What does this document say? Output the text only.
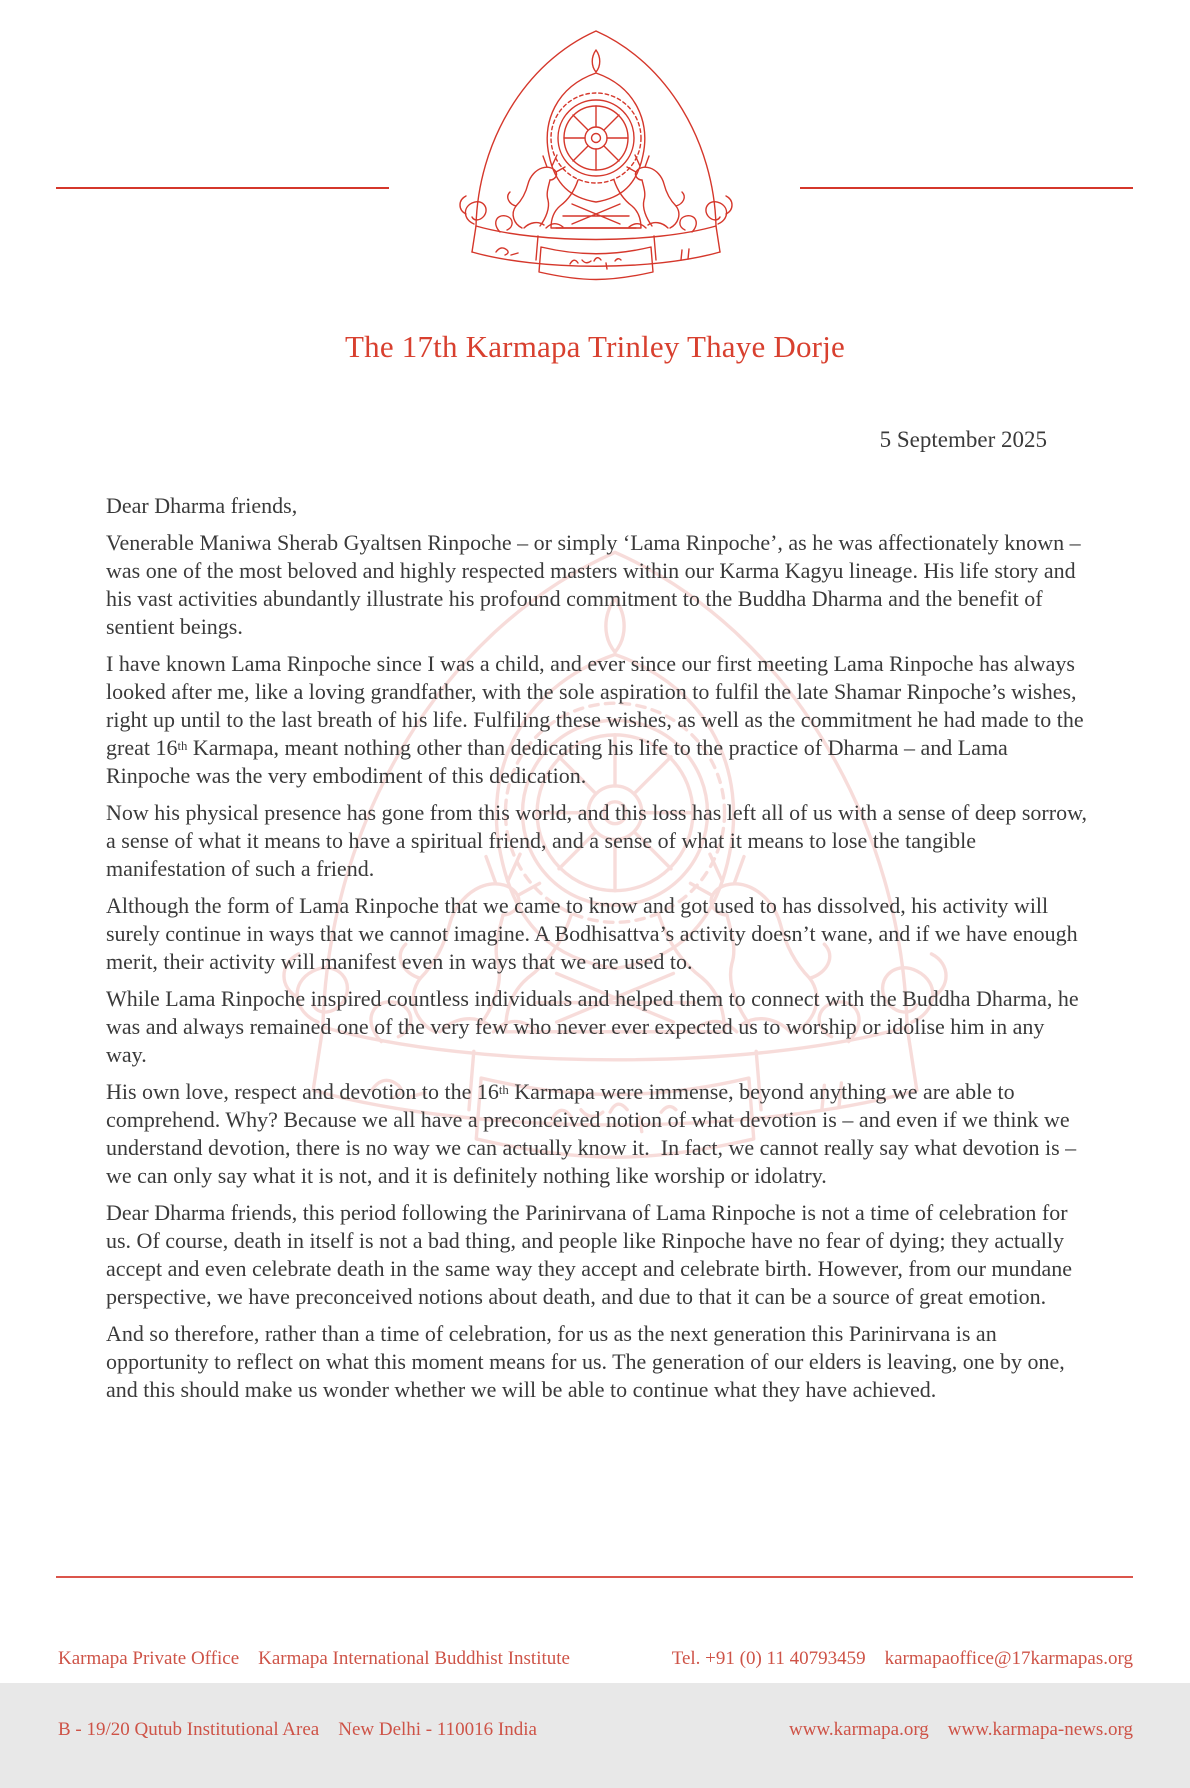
The 17th Karmapa Trinley Thaye Dorje
5 September 2025

Dear Dharma friends,

Venerable Maniwa Sherab Gyaltsen Rinpoche – or simply ‘Lama Rinpoche’, as he was affectionately known – was one of the most beloved and highly respected masters within our Karma Kagyu lineage. His life story and his vast activities abundantly illustrate his profound commitment to the Buddha Dharma and the benefit of sentient beings.

I have known Lama Rinpoche since I was a child, and ever since our first meeting Lama Rinpoche has always looked after me, like a loving grandfather, with the sole aspiration to fulfil the late Shamar Rinpoche’s wishes, right up until to the last breath of his life. Fulfiling these wishes, as well as the commitment he had made to the great 16th Karmapa, meant nothing other than dedicating his life to the practice of Dharma – and Lama Rinpoche was the very embodiment of this dedication.

Now his physical presence has gone from this world, and this loss has left all of us with a sense of deep sorrow, a sense of what it means to have a spiritual friend, and a sense of what it means to lose the tangible manifestation of such a friend.

Although the form of Lama Rinpoche that we came to know and got used to has dissolved, his activity will surely continue in ways that we cannot imagine. A Bodhisattva’s activity doesn’t wane, and if we have enough merit, their activity will manifest even in ways that we are used to.

While Lama Rinpoche inspired countless individuals and helped them to connect with the Buddha Dharma, he was and always remained one of the very few who never ever expected us to worship or idolise him in any way.

His own love, respect and devotion to the 16th Karmapa were immense, beyond anything we are able to comprehend. Why? Because we all have a preconceived notion of what devotion is – and even if we think we understand devotion, there is no way we can actually know it.  In fact, we cannot really say what devotion is – we can only say what it is not, and it is definitely nothing like worship or idolatry.

Dear Dharma friends, this period following the Parinirvana of Lama Rinpoche is not a time of celebration for us. Of course, death in itself is not a bad thing, and people like Rinpoche have no fear of dying; they actually accept and even celebrate death in the same way they accept and celebrate birth. However, from our mundane perspective, we have preconceived notions about death, and due to that it can be a source of great emotion.

And so therefore, rather than a time of celebration, for us as the next generation this Parinirvana is an opportunity to reflect on what this moment means for us. The generation of our elders is leaving, one by one, and this should make us wonder whether we will be able to continue what they have achieved.

Karmapa Private Office    Karmapa International Buddhist Institute

B - 19/20 Qutub Institutional Area    New Delhi - 110016 India

Tel. +91 (0) 11 40793459    karmapaoffice@17karmapas.org

www.karmapa.org    www.karmapa-news.org
